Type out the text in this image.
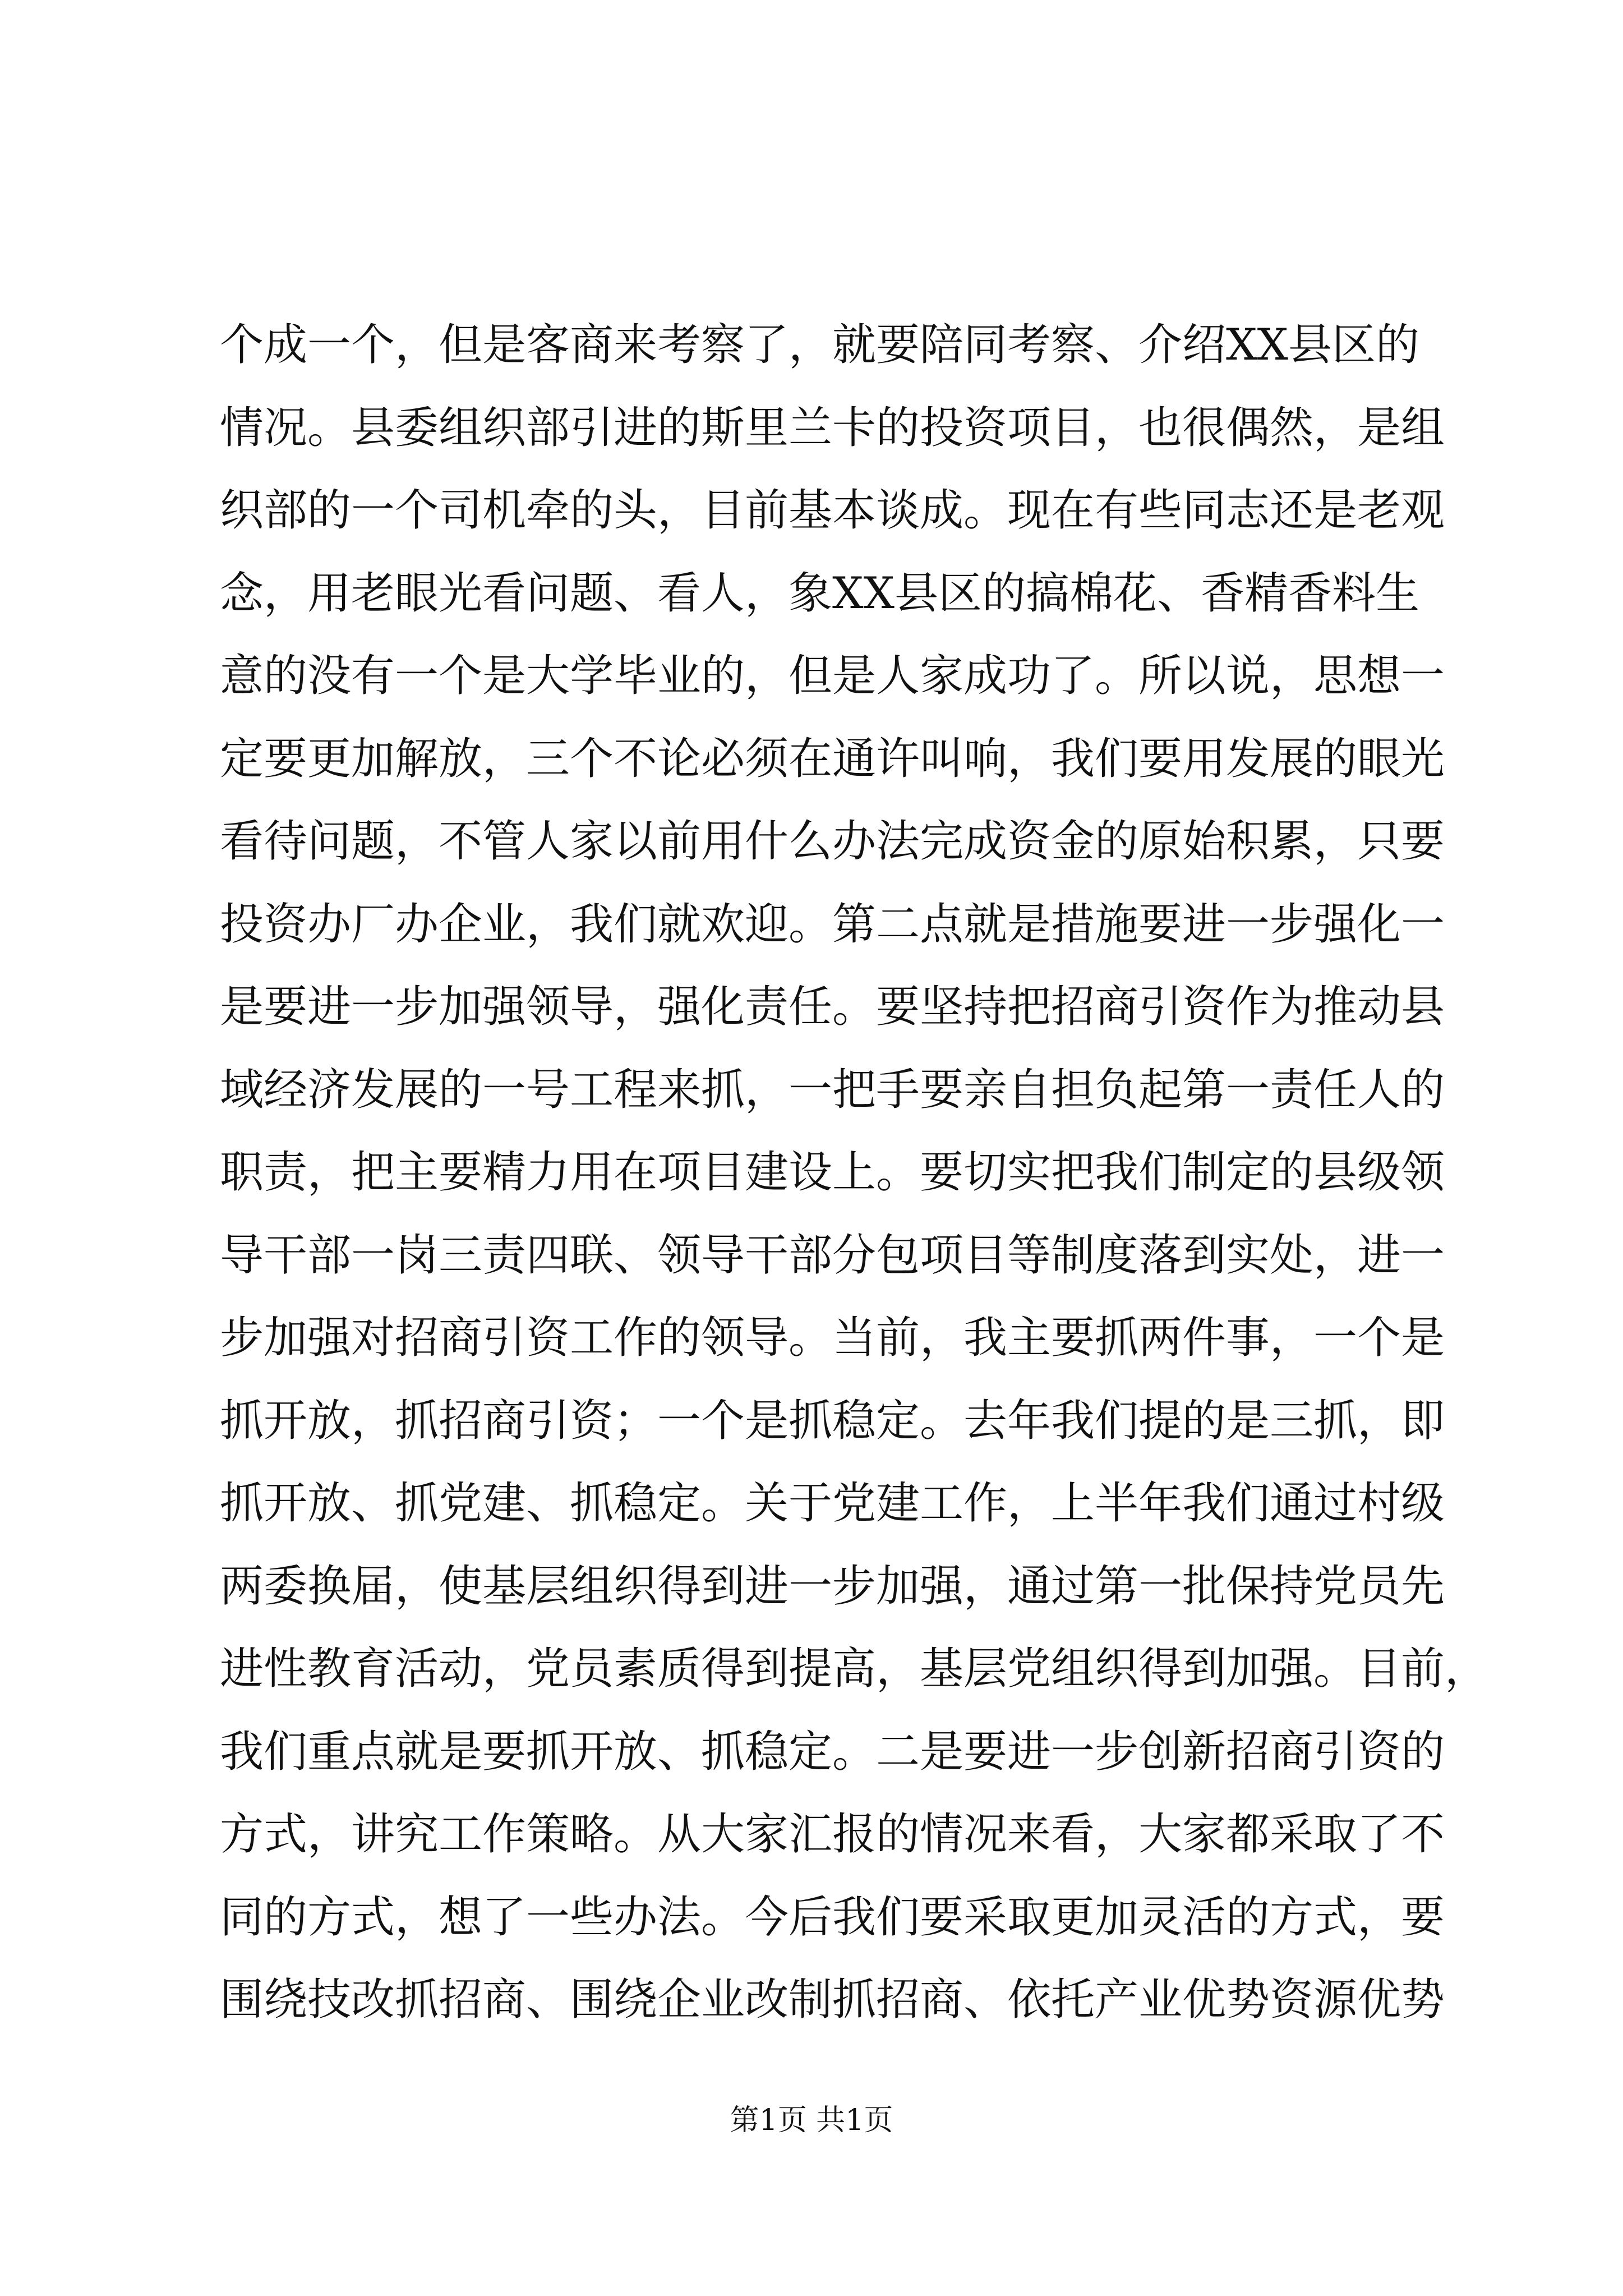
个成一个，但是客商来考察了，就要陪同考察、介绍XX县区的
情况。县委组织部引进的斯里兰卡的投资项目，也很偶然，是组
织部的一个司机牵的头，目前基本谈成。现在有些同志还是老观
念，用老眼光看问题、看人，象XX县区的搞棉花、香精香料生
意的没有一个是大学毕业的，但是人家成功了。所以说，思想一
定要更加解放，三个不论必须在通许叫响，我们要用发展的眼光
看待问题，不管人家以前用什么办法完成资金的原始积累，只要
投资办厂办企业，我们就欢迎。第二点就是措施要进一步强化一
是要进一步加强领导，强化责任。要坚持把招商引资作为推动县
域经济发展的一号工程来抓，一把手要亲自担负起第一责任人的
职责，把主要精力用在项目建设上。要切实把我们制定的县级领
导干部一岗三责四联、领导干部分包项目等制度落到实处，进一
步加强对招商引资工作的领导。当前，我主要抓两件事，一个是
抓开放，抓招商引资；一个是抓稳定。去年我们提的是三抓，即
抓开放、抓党建、抓稳定。关于党建工作，上半年我们通过村级
两委换届，使基层组织得到进一步加强，通过第一批保持党员先
进性教育活动，党员素质得到提高，基层党组织得到加强。目前，
我们重点就是要抓开放、抓稳定。二是要进一步创新招商引资的
方式，讲究工作策略。从大家汇报的情况来看，大家都采取了不
同的方式，想了一些办法。今后我们要采取更加灵活的方式，要
围绕技改抓招商、围绕企业改制抓招商、依托产业优势资源优势
第1页 共1页
